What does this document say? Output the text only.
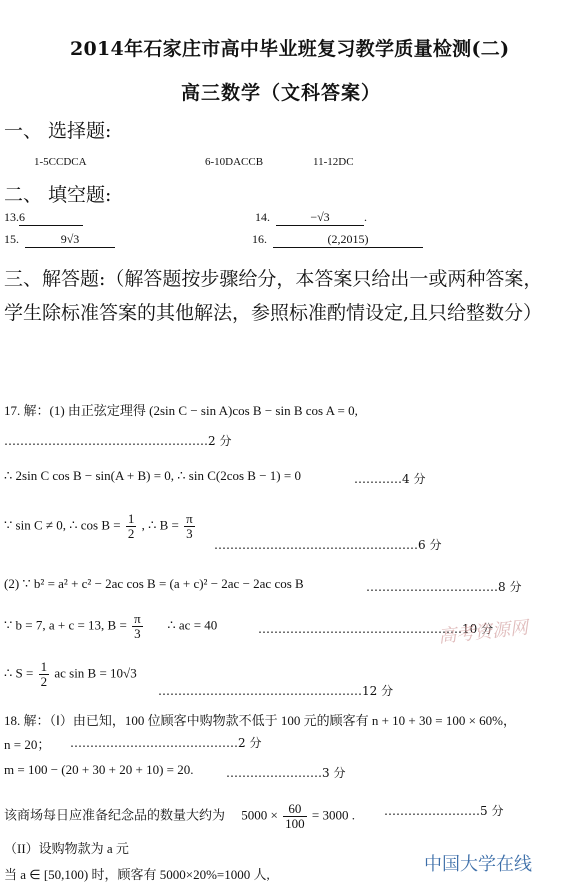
2014年石家庄市高中毕业班复习教学质量检测(二)
高三数学（文科答案）
一、 选择题:
1-5CCDCA	6-10DACCB	11-12DC
二、 填空题:
13.6	14.	−√3	.
15.	9√3	16.	(2,2015)
三、解答题:（解答题按步骤给分，本答案只给出一或两种答案，学生除标准答案的其他解法，参照标准酌情设定,且只给整数分）
17. 解：(1) 由正弦定理得 (2sin C − sin A)cos B − sin B cos A = 0,
……………………………………………2 分
∴ 2sin C cos B − sin(A + B) = 0, ∴ sin C(2cos B − 1) = 0	…………4 分
∵ sin C ≠ 0, ∴ $\cos B = \frac{1}{2}$ , ∴ $B = \frac{\pi}{3}$
……………………………………………6 分
(2) ∵ b² = a² + c² − 2ac cos B = (a + c)² − 2ac − 2ac cos B	……………………………8 分
∵ b = 7, a + c = 13, $B = \frac{\pi}{3}$ ∴ ac = 40	……………………………………………10 分
高考资源网
∴ $S = \frac{1}{2}$ ac sin B = 10√3
……………………………………………12 分
18. 解：（Ⅰ）由已知，100 位顾客中购物款不低于 100 元的顾客有 n + 10 + 30 = 100 × 60%，
n = 20； ……………………………………2 分
m = 100 − (20 + 30 + 20 + 10) = 20.	……………………3 分
该商场每日应准备纪念品的数量大约为 $5000 \times \frac{60}{100} = 3000$ . ……………………5 分
（II）设购物款为 a 元
当 a ∈ [50,100) 时，顾客有 5000×20%=1000 人,	中国大学在线
